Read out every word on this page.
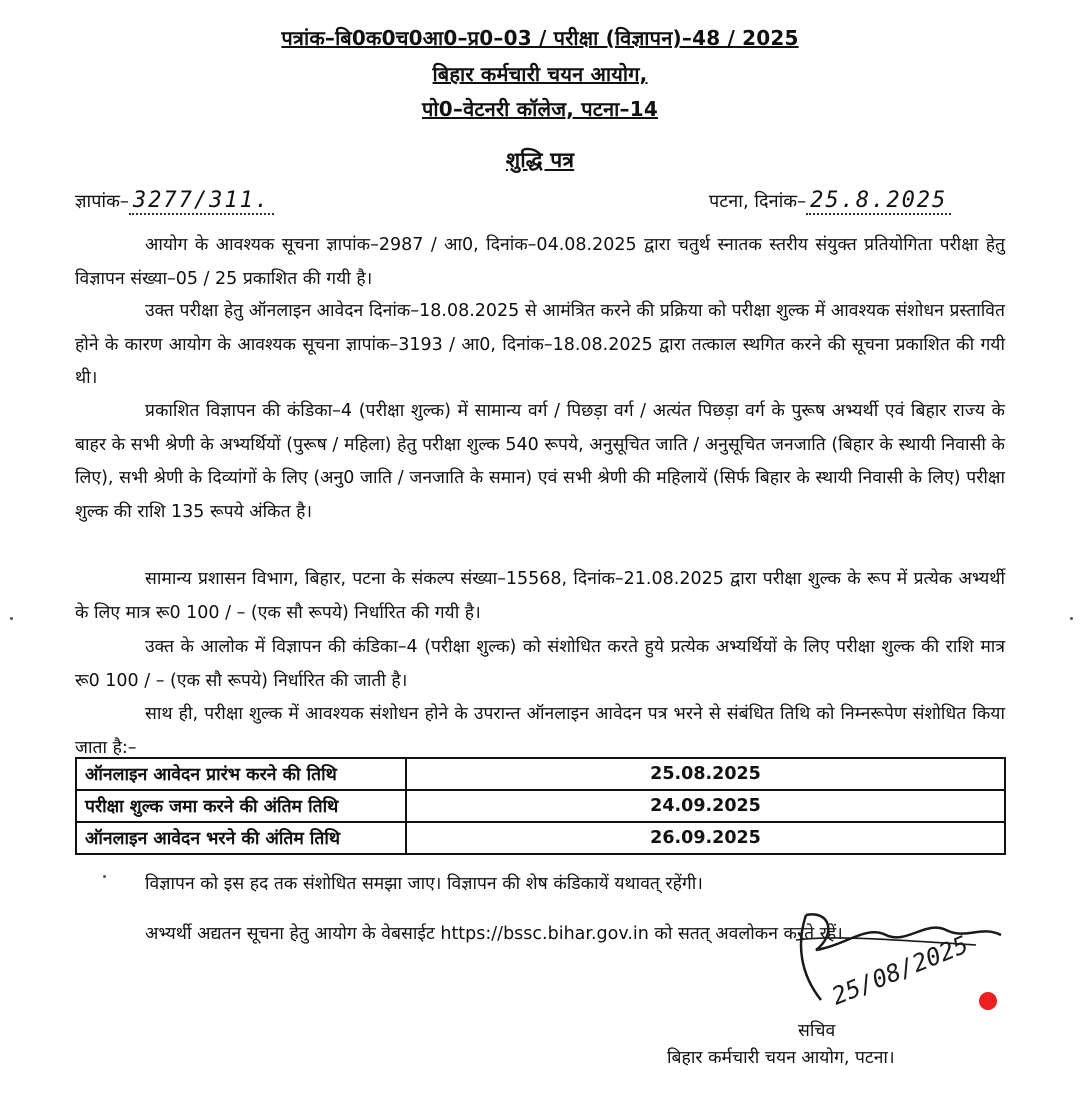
पत्रांक–बि0क0च0आ0–प्र0–03 / परीक्षा (विज्ञापन)–48 / 2025
बिहार कर्मचारी चयन आयोग,
पो0–वेटनरी कॉलेज, पटना–14
शुद्धि पत्र
ज्ञापांक– 3277/311.	पटना, दिनांक– 25.8.2025
आयोग के आवश्यक सूचना ज्ञापांक–2987 / आ0, दिनांक–04.08.2025 द्वारा चतुर्थ स्नातक स्तरीय संयुक्त प्रतियोगिता परीक्षा हेतु विज्ञापन संख्या–05 / 25 प्रकाशित की गयी है।
उक्त परीक्षा हेतु ऑनलाइन आवेदन दिनांक–18.08.2025 से आमंत्रित करने की प्रक्रिया को परीक्षा शुल्क में आवश्यक संशोधन प्रस्तावित होने के कारण आयोग के आवश्यक सूचना ज्ञापांक–3193 / आ0, दिनांक–18.08.2025 द्वारा तत्काल स्थगित करने की सूचना प्रकाशित की गयी थी।
प्रकाशित विज्ञापन की कंडिका–4 (परीक्षा शुल्क) में सामान्य वर्ग / पिछड़ा वर्ग / अत्यंत पिछड़ा वर्ग के पुरूष अभ्यर्थी एवं बिहार राज्य के बाहर के सभी श्रेणी के अभ्यर्थियों (पुरूष / महिला) हेतु परीक्षा शुल्क 540 रूपये, अनुसूचित जाति / अनुसूचित जनजाति (बिहार के स्थायी निवासी के लिए), सभी श्रेणी के दिव्यांगों के लिए (अनु0 जाति / जनजाति के समान) एवं सभी श्रेणी की महिलायें (सिर्फ बिहार के स्थायी निवासी के लिए) परीक्षा शुल्क की राशि 135 रूपये अंकित है।
सामान्य प्रशासन विभाग, बिहार, पटना के संकल्प संख्या–15568, दिनांक–21.08.2025 द्वारा परीक्षा शुल्क के रूप में प्रत्येक अभ्यर्थी के लिए मात्र रू0 100 / – (एक सौ रूपये) निर्धारित की गयी है।
उक्त के आलोक में विज्ञापन की कंडिका–4 (परीक्षा शुल्क) को संशोधित करते हुये प्रत्येक अभ्यर्थियों के लिए परीक्षा शुल्क की राशि मात्र रू0 100 / – (एक सौ रूपये) निर्धारित की जाती है।
साथ ही, परीक्षा शुल्क में आवश्यक संशोधन होने के उपरान्त ऑनलाइन आवेदन पत्र भरने से संबंधित तिथि को निम्नरूपेण संशोधित किया जाता है:–
ऑनलाइन आवेदन प्रारंभ करने की तिथि	25.08.2025
परीक्षा शुल्क जमा करने की अंतिम तिथि	24.09.2025
ऑनलाइन आवेदन भरने की अंतिम तिथि	26.09.2025
विज्ञापन को इस हद तक संशोधित समझा जाए। विज्ञापन की शेष कंडिकायें यथावत् रहेंगी।
अभ्यर्थी अद्यतन सूचना हेतु आयोग के वेबसाईट https://bssc.bihar.gov.in को सतत् अवलोकन करते रहें।
25/08/2025
सचिव
बिहार कर्मचारी चयन आयोग, पटना।
